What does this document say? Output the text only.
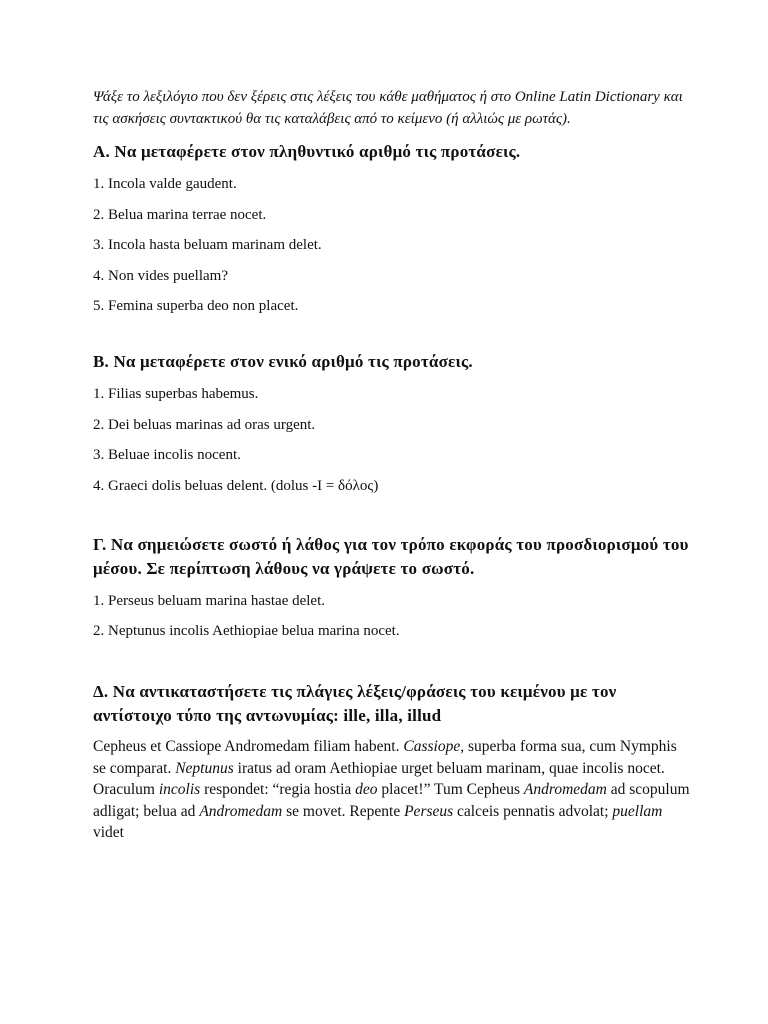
Ψάξε το λεξιλόγιο που δεν ξέρεις στις λέξεις του κάθε μαθήματος ή στο Online Latin Dictionary και τις ασκήσεις συντακτικού θα τις καταλάβεις από το κείμενο (ή αλλιώς με ρωτάς).

Α. Να μεταφέρετε στον πληθυντικό αριθμό τις προτάσεις.

1. Incola valde gaudent.

2. Belua marina terrae nocet.

3. Incola hasta beluam marinam delet.

4. Non vides puellam?

5. Femina superba deo non placet.

Β. Να μεταφέρετε στον ενικό αριθμό τις προτάσεις.

1. Filias superbas habemus.

2. Dei beluas marinas ad oras urgent.

3. Beluae incolis nocent.

4. Graeci dolis beluas delent. (dolus -I = δόλος)

Γ. Να σημειώσετε σωστό ή λάθος για τον τρόπο εκφοράς του προσδιορισμού του μέσου. Σε περίπτωση λάθους να γράψετε το σωστό.

1. Perseus beluam marina hastae delet.

2. Neptunus incolis Aethiopiae belua marina nocet.

Δ. Να αντικαταστήσετε τις πλάγιες λέξεις/φράσεις του κειμένου με τον αντίστοιχο τύπο της αντωνυμίας: ille, illa, illud

Cepheus et Cassiope Andromedam filiam habent. Cassiope, superba forma sua, cum Nymphis se comparat. Neptunus iratus ad oram Aethiopiae urget beluam marinam, quae incolis nocet. Oraculum incolis respondet: “regia hostia deo placet!” Tum Cepheus Andromedam ad scopulum adligat; belua ad Andromedam se movet. Repente Perseus calceis pennatis advolat; puellam videt
